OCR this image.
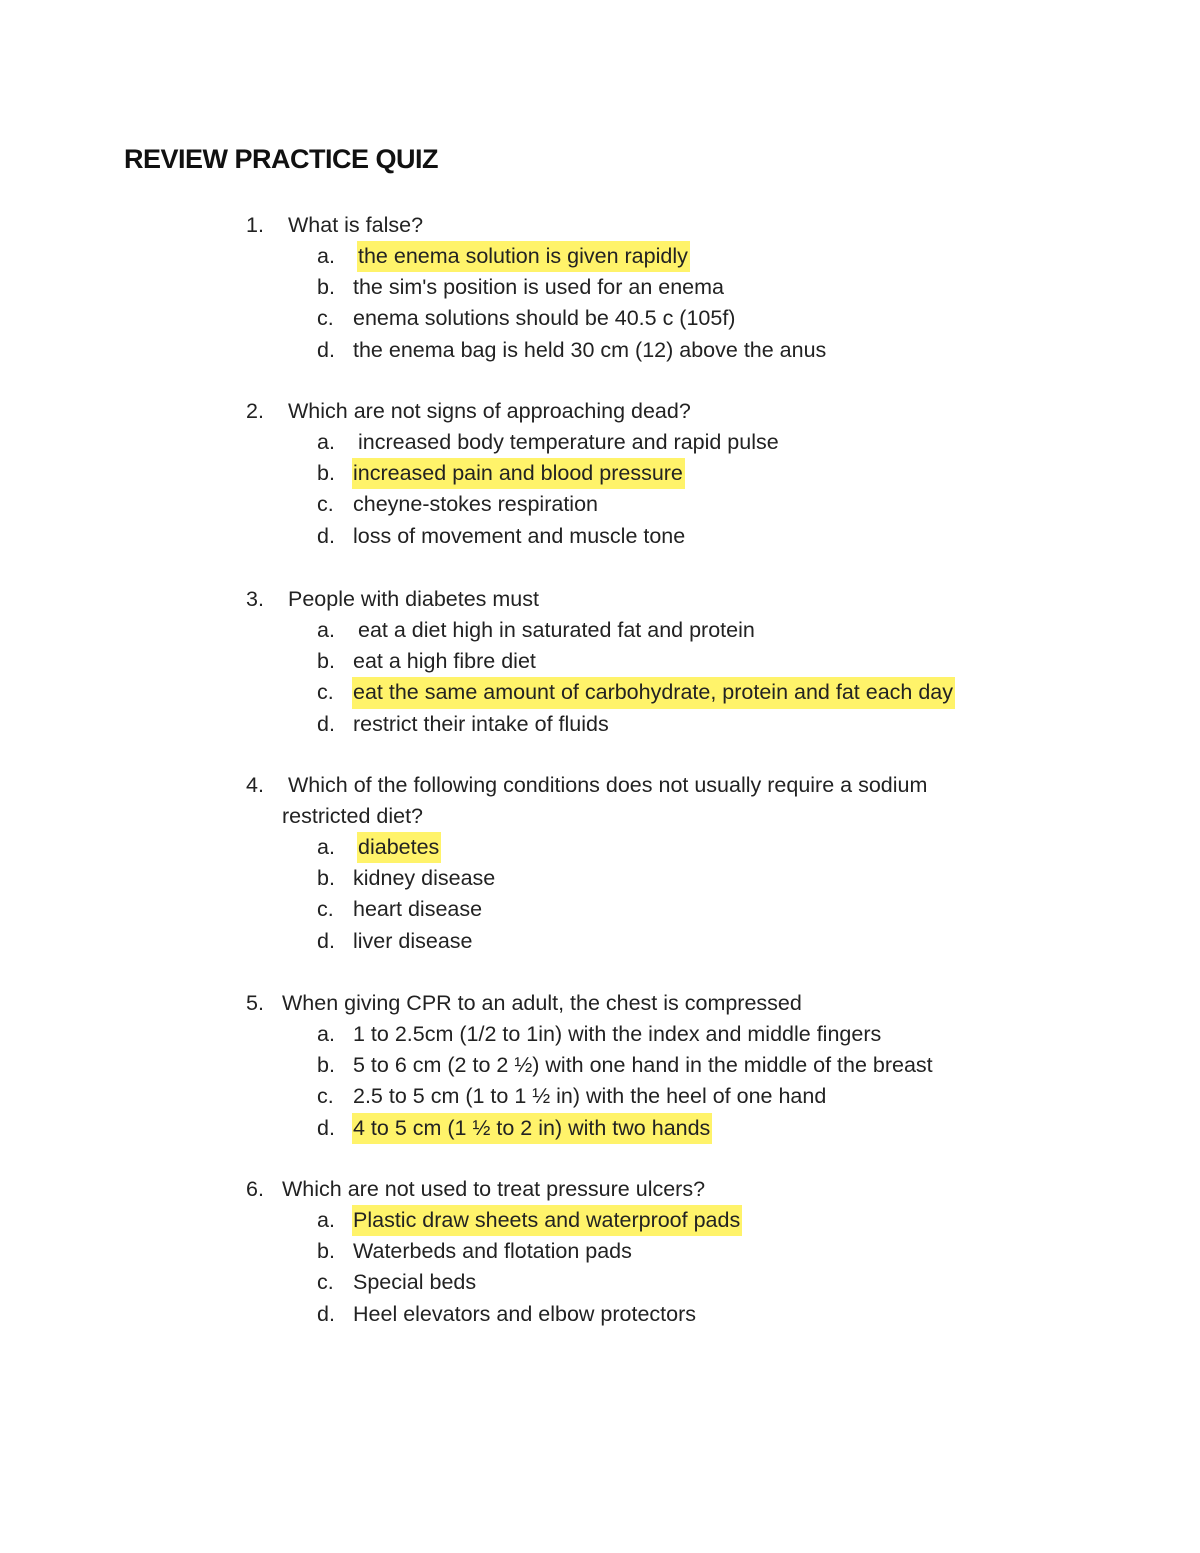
REVIEW PRACTICE QUIZ
1. What is false?
a. the enema solution is given rapidly
b. the sim's position is used for an enema
c. enema solutions should be 40.5 c (105f)
d. the enema bag is held 30 cm (12) above the anus
2. Which are not signs of approaching dead?
a. increased body temperature and rapid pulse
b. increased pain and blood pressure
c. cheyne-stokes respiration
d. loss of movement and muscle tone
3. People with diabetes must
a. eat a diet high in saturated fat and protein
b. eat a high fibre diet
c. eat the same amount of carbohydrate, protein and fat each day
d. restrict their intake of fluids
4. Which of the following conditions does not usually require a sodium
restricted diet?
a. diabetes
b. kidney disease
c. heart disease
d. liver disease
5. When giving CPR to an adult, the chest is compressed
a. 1 to 2.5cm (1/2 to 1in) with the index and middle fingers
b. 5 to 6 cm (2 to 2 ½) with one hand in the middle of the breast
c. 2.5 to 5 cm (1 to 1 ½ in) with the heel of one hand
d. 4 to 5 cm (1 ½ to 2 in) with two hands
6. Which are not used to treat pressure ulcers?
a. Plastic draw sheets and waterproof pads
b. Waterbeds and flotation pads
c. Special beds
d. Heel elevators and elbow protectors
